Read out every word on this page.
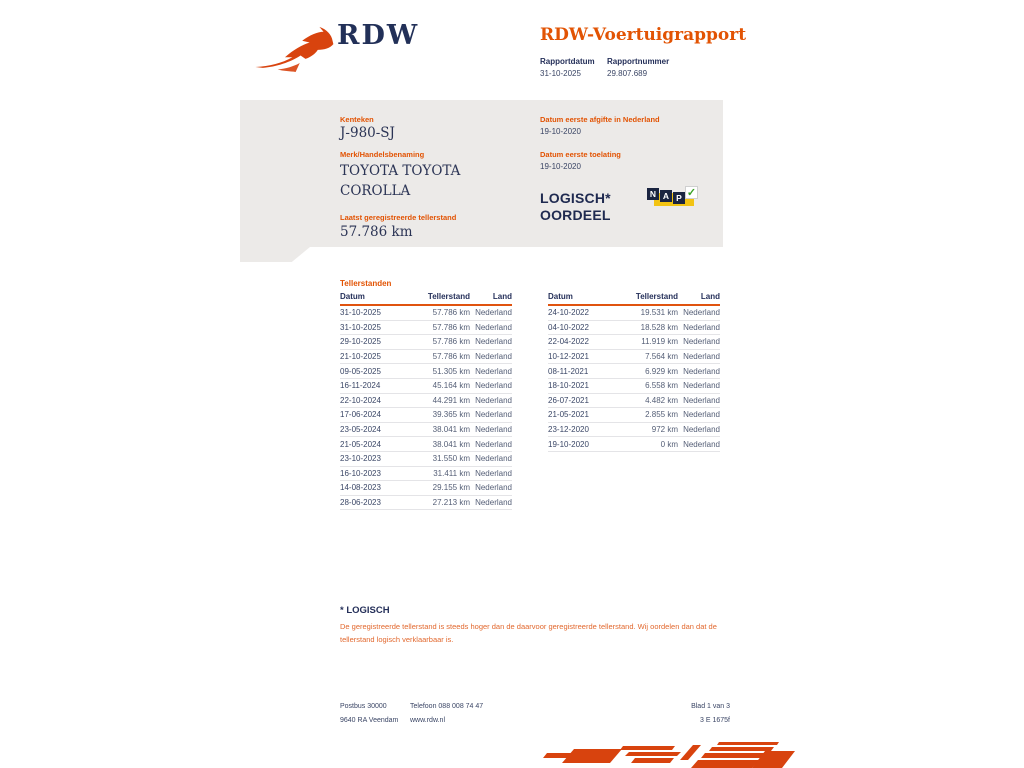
RDW	RDW-Voertuigrapport
Rapportdatum Rapportnummer
31-10-2025	29.807.689
Kenteken
J-980-SJ
Merk/Handelsbenaming
TOYOTA TOYOTA COROLLA
Laatst geregistreerde tellerstand
57.786 km
Datum eerste afgifte in Nederland
19-10-2020
Datum eerste toelating
19-10-2020
LOGISCH*
OORDEEL
N A P ✓
Tellerstanden
Datum	Tellerstand	Land
31-10-2025	57.786 km Nederland
31-10-2025	57.786 km Nederland
29-10-2025	57.786 km Nederland
21-10-2025	57.786 km Nederland
09-05-2025	51.305 km Nederland
16-11-2024	45.164 km Nederland
22-10-2024	44.291 km Nederland
17-06-2024	39.365 km Nederland
23-05-2024	38.041 km Nederland
21-05-2024	38.041 km Nederland
23-10-2023	31.550 km Nederland
16-10-2023	31.411 km Nederland
14-08-2023	29.155 km Nederland
28-06-2023	27.213 km Nederland
Datum	Tellerstand	Land
24-10-2022	19.531 km Nederland
04-10-2022	18.528 km Nederland
22-04-2022	11.919 km Nederland
10-12-2021	7.564 km Nederland
08-11-2021	6.929 km Nederland
18-10-2021	6.558 km Nederland
26-07-2021	4.482 km Nederland
21-05-2021	2.855 km Nederland
23-12-2020	972 km Nederland
19-10-2020	0 km Nederland
* LOGISCH
De geregistreerde tellerstand is steeds hoger dan de daarvoor geregistreerde tellerstand. Wij oordelen dan dat de tellerstand logisch verklaarbaar is.
Postbus 30000
9640 RA Veendam
Telefoon 088 008 74 47
www.rdw.nl
Blad 1 van 3
3 E 1675f
